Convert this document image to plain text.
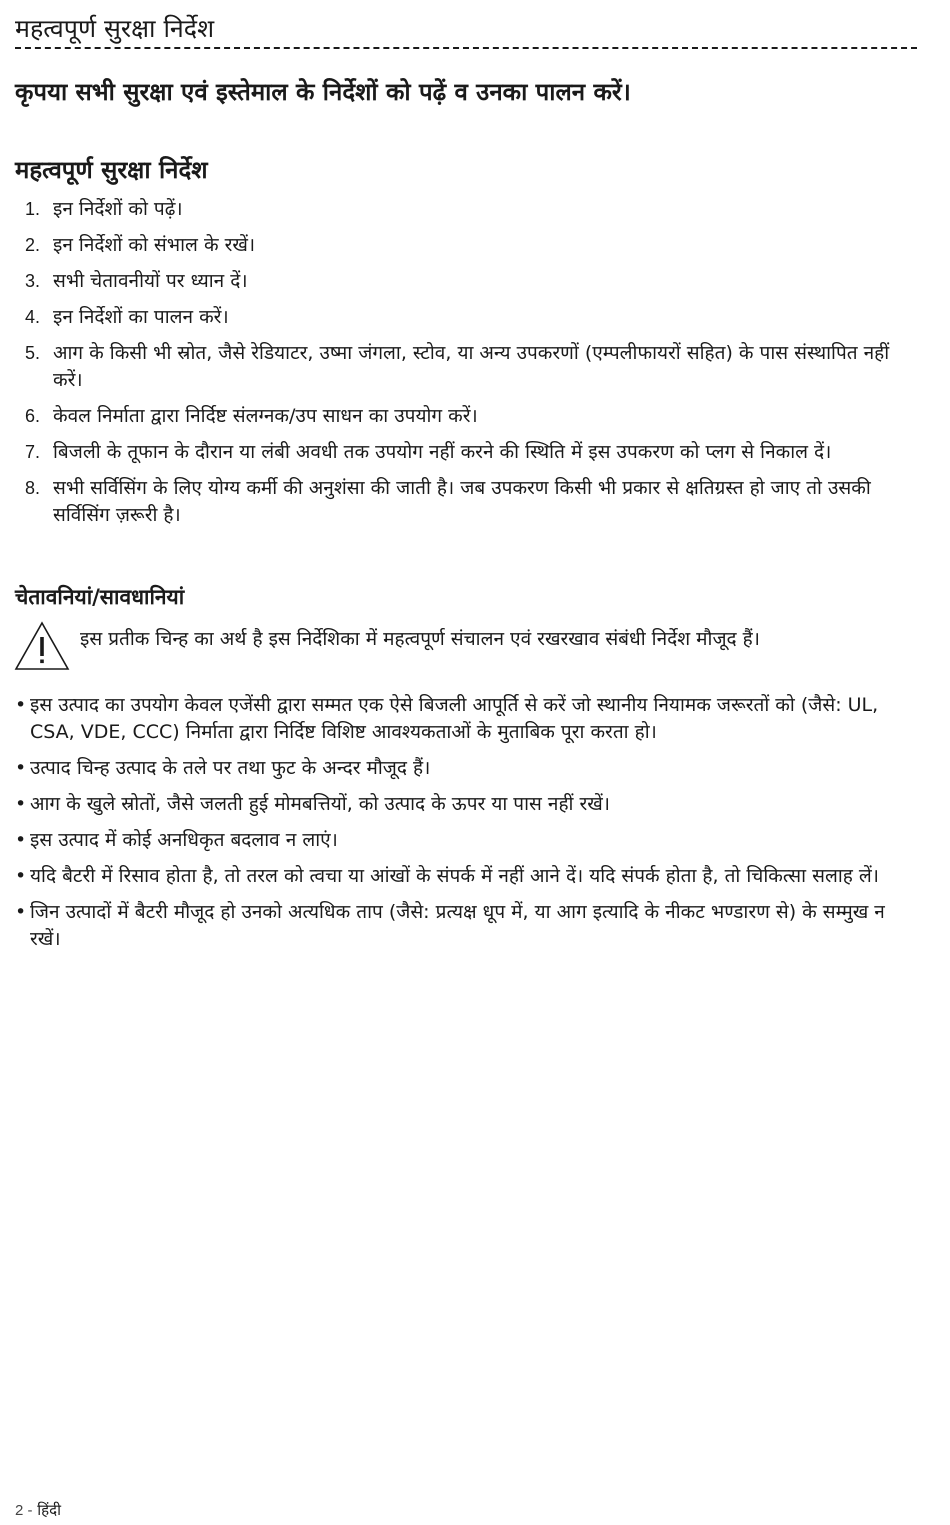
महत्वपूर्ण सुरक्षा निर्देश
कृपया सभी सुरक्षा एवं इस्तेमाल के निर्देशों को पढ़ें व उनका पालन करें।
महत्वपूर्ण सुरक्षा निर्देश
1. इन निर्देशों को पढ़ें।
2. इन निर्देशों को संभाल के रखें।
3. सभी चेतावनीयों पर ध्यान दें।
4. इन निर्देशों का पालन करें।
5. आग के किसी भी स्रोत, जैसे रेडियाटर, उष्मा जंगला, स्टोव, या अन्य उपकरणों (एम्पलीफायरों सहित) के पास संस्थापित नहीं करें।
6. केवल निर्माता द्वारा निर्दिष्ट संलग्नक/उप साधन का उपयोग करें।
7. बिजली के तूफान के दौरान या लंबी अवधी तक उपयोग नहीं करने की स्थिति में इस उपकरण को प्लग से निकाल दें।
8. सभी सर्विसिंग के लिए योग्य कर्मी की अनुशंसा की जाती है। जब उपकरण किसी भी प्रकार से क्षतिग्रस्त हो जाए तो उसकी सर्विसिंग ज़रूरी है।
चेतावनियां/सावधानियां
इस प्रतीक चिन्ह का अर्थ है इस निर्देशिका में महत्वपूर्ण संचालन एवं रखरखाव संबंधी निर्देश मौजूद हैं।
• इस उत्पाद का उपयोग केवल एजेंसी द्वारा सम्मत एक ऐसे बिजली आपूर्ति से करें जो स्थानीय नियामक जरूरतों को (जैसे: UL, CSA, VDE, CCC) निर्माता द्वारा निर्दिष्ट विशिष्ट आवश्यकताओं के मुताबिक पूरा करता हो।
• उत्पाद चिन्ह उत्पाद के तले पर तथा फुट के अन्दर मौजूद हैं।
• आग के खुले स्रोतों, जैसे जलती हुई मोमबत्तियों, को उत्पाद के ऊपर या पास नहीं रखें।
• इस उत्पाद में कोई अनधिकृत बदलाव न लाएं।
• यदि बैटरी में रिसाव होता है, तो तरल को त्वचा या आंखों के संपर्क में नहीं आने दें। यदि संपर्क होता है, तो चिकित्सा सलाह लें।
• जिन उत्पादों में बैटरी मौजूद हो उनको अत्यधिक ताप (जैसे: प्रत्यक्ष धूप में, या आग इत्यादि के नीकट भण्डारण से) के सम्मुख न रखें।
2 - हिंदी
